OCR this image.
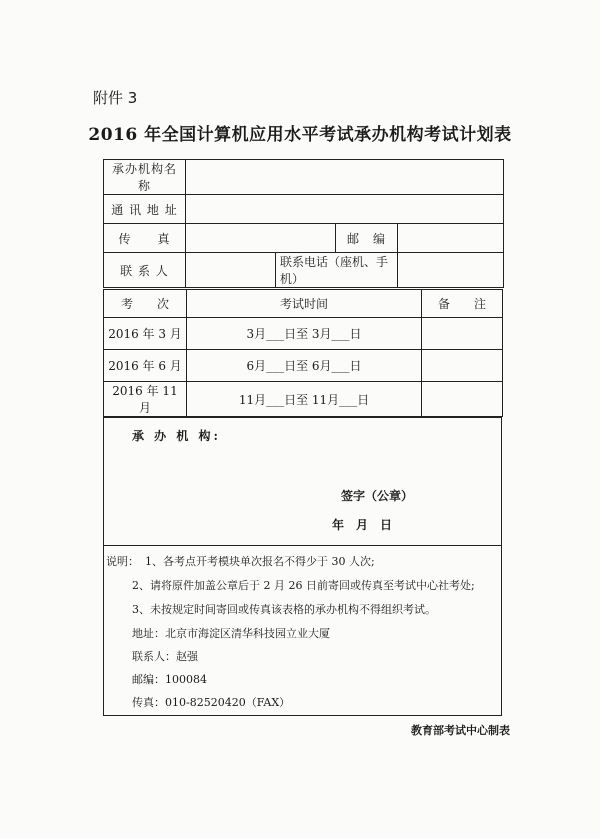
附件 3
2016 年全国计算机应用水平考试承办机构考试计划表
承办机构名称				
通 讯 地 址				
传　　真			邮　编	
联 系 人		联系电话（座机、手机）		
考　　次	考试时间	备　　注
2016 年 3 月	3月___日至 3月___日	
2016 年 6 月	6月___日至 6月___日	
2016 年 11月	11月___日至 11月___日	
承 办 机 构:
签字（公章）
年　月　日
说明： 1、各考点开考模块单次报名不得少于 30 人次;
2、请将原件加盖公章后于 2 月 26 日前寄回或传真至考试中心社考处;
3、未按规定时间寄回或传真该表格的承办机构不得组织考试。
地址：北京市海淀区清华科技园立业大厦
联系人：赵强
邮编：100084
传真：010-82520420（FAX）
教育部考试中心制表
